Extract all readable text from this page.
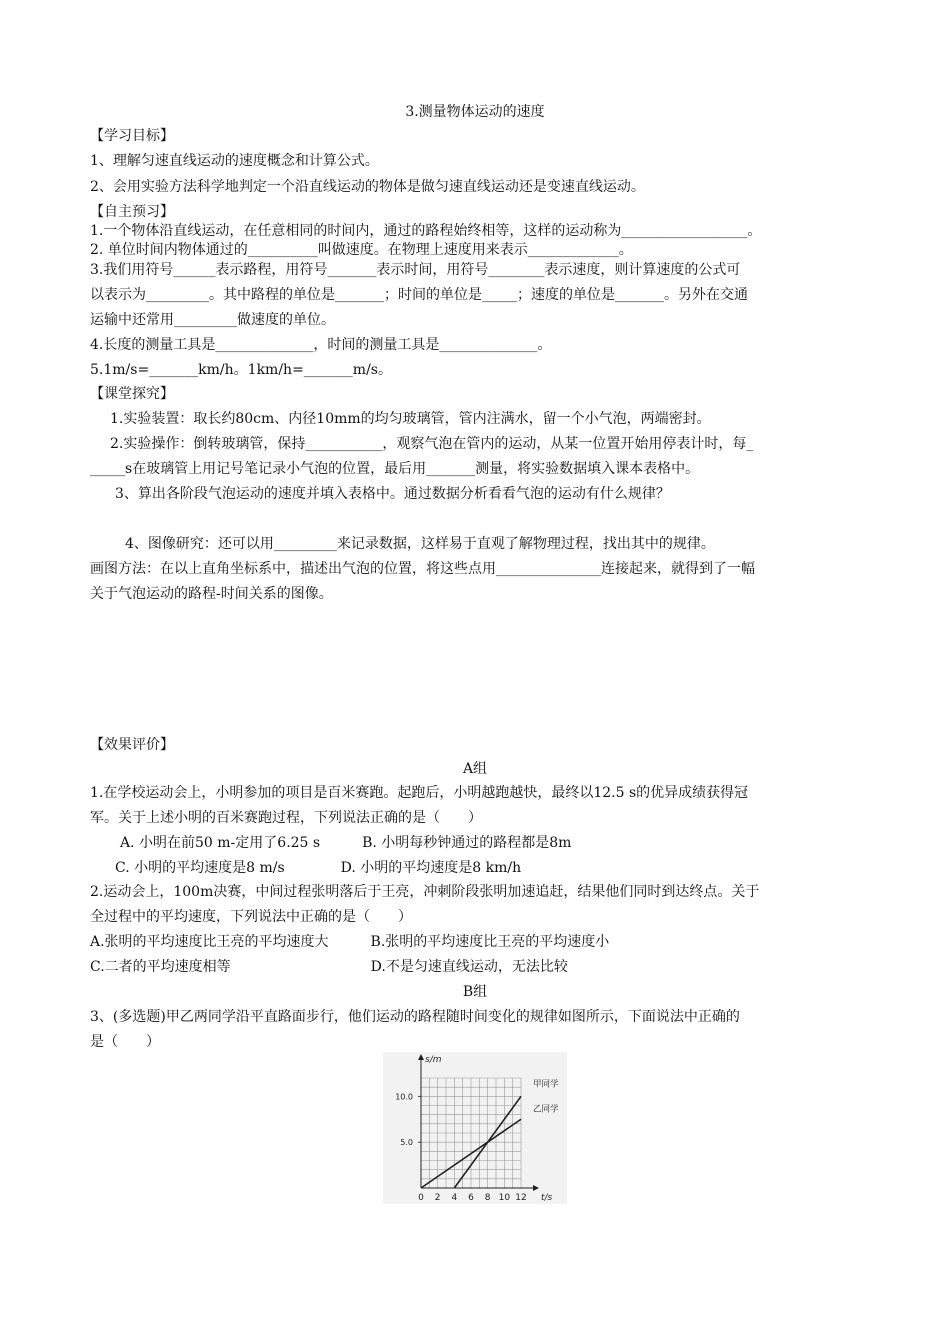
3.测量物体运动的速度
【学习目标】
1、理解匀速直线运动的速度概念和计算公式。
2、会用实验方法科学地判定一个沿直线运动的物体是做匀速直线运动还是变速直线运动。
【自主预习】
1.一个物体沿直线运动，在任意相同的时间内，通过的路程始终相等，这样的运动称为__________________。
2. 单位时间内物体通过的__________叫做速度。在物理上速度用来表示_____________。
3.我们用符号______表示路程，用符号_______表示时间，用符号________表示速度，则计算速度的公式可
以表示为_________。其中路程的单位是_______；时间的单位是_____；速度的单位是_______。另外在交通
运输中还常用_________做速度的单位。
4.长度的测量工具是______________，时间的测量工具是______________。
5.1m/s=_______km/h。1km/h=_______m/s。
【课堂探究】
1.实验装置：取长约80cm、内径10mm的均匀玻璃管，管内注满水，留一个小气泡，两端密封。
2.实验操作：倒转玻璃管，保持___________，观察气泡在管内的运动，从某一位置开始用停表计时，每_
_____s在玻璃管上用记号笔记录小气泡的位置，最后用_______测量，将实验数据填入课本表格中。
3、算出各阶段气泡运动的速度并填入表格中。通过数据分析看看气泡的运动有什么规律？
4、图像研究：还可以用_________来记录数据，这样易于直观了解物理过程，找出其中的规律。
画图方法：在以上直角坐标系中，描述出气泡的位置，将这些点用_______________连接起来，就得到了一幅
关于气泡运动的路程-时间关系的图像。
【效果评价】
A组
1.在学校运动会上，小明参加的项目是百米赛跑。起跑后，小明越跑越快，最终以12.5 s的优异成绩获得冠
军。关于上述小明的百米赛跑过程，下列说法正确的是（　　）
A. 小明在前50 m-定用了6.25 s　　　B. 小明每秒钟通过的路程都是8m
C. 小明的平均速度是8 m/s　　　　D. 小明的平均速度是8 km/h
2.运动会上，100m决赛，中间过程张明落后于王亮，冲刺阶段张明加速追赶，结果他们同时到达终点。关于
全过程中的平均速度，下列说法中正确的是（　　）
A.张明的平均速度比王亮的平均速度大　　　B.张明的平均速度比王亮的平均速度小
C.二者的平均速度相等　　　　　　　　　　D.不是匀速直线运动，无法比较
B组
3、(多选题)甲乙两同学沿平直路面步行，他们运动的路程随时间变化的规律如图所示，下面说法中正确的
是（　　）
0 2 4 6 8 10 12
5.0
10.0
t/s
s/m
甲同学
乙同学
